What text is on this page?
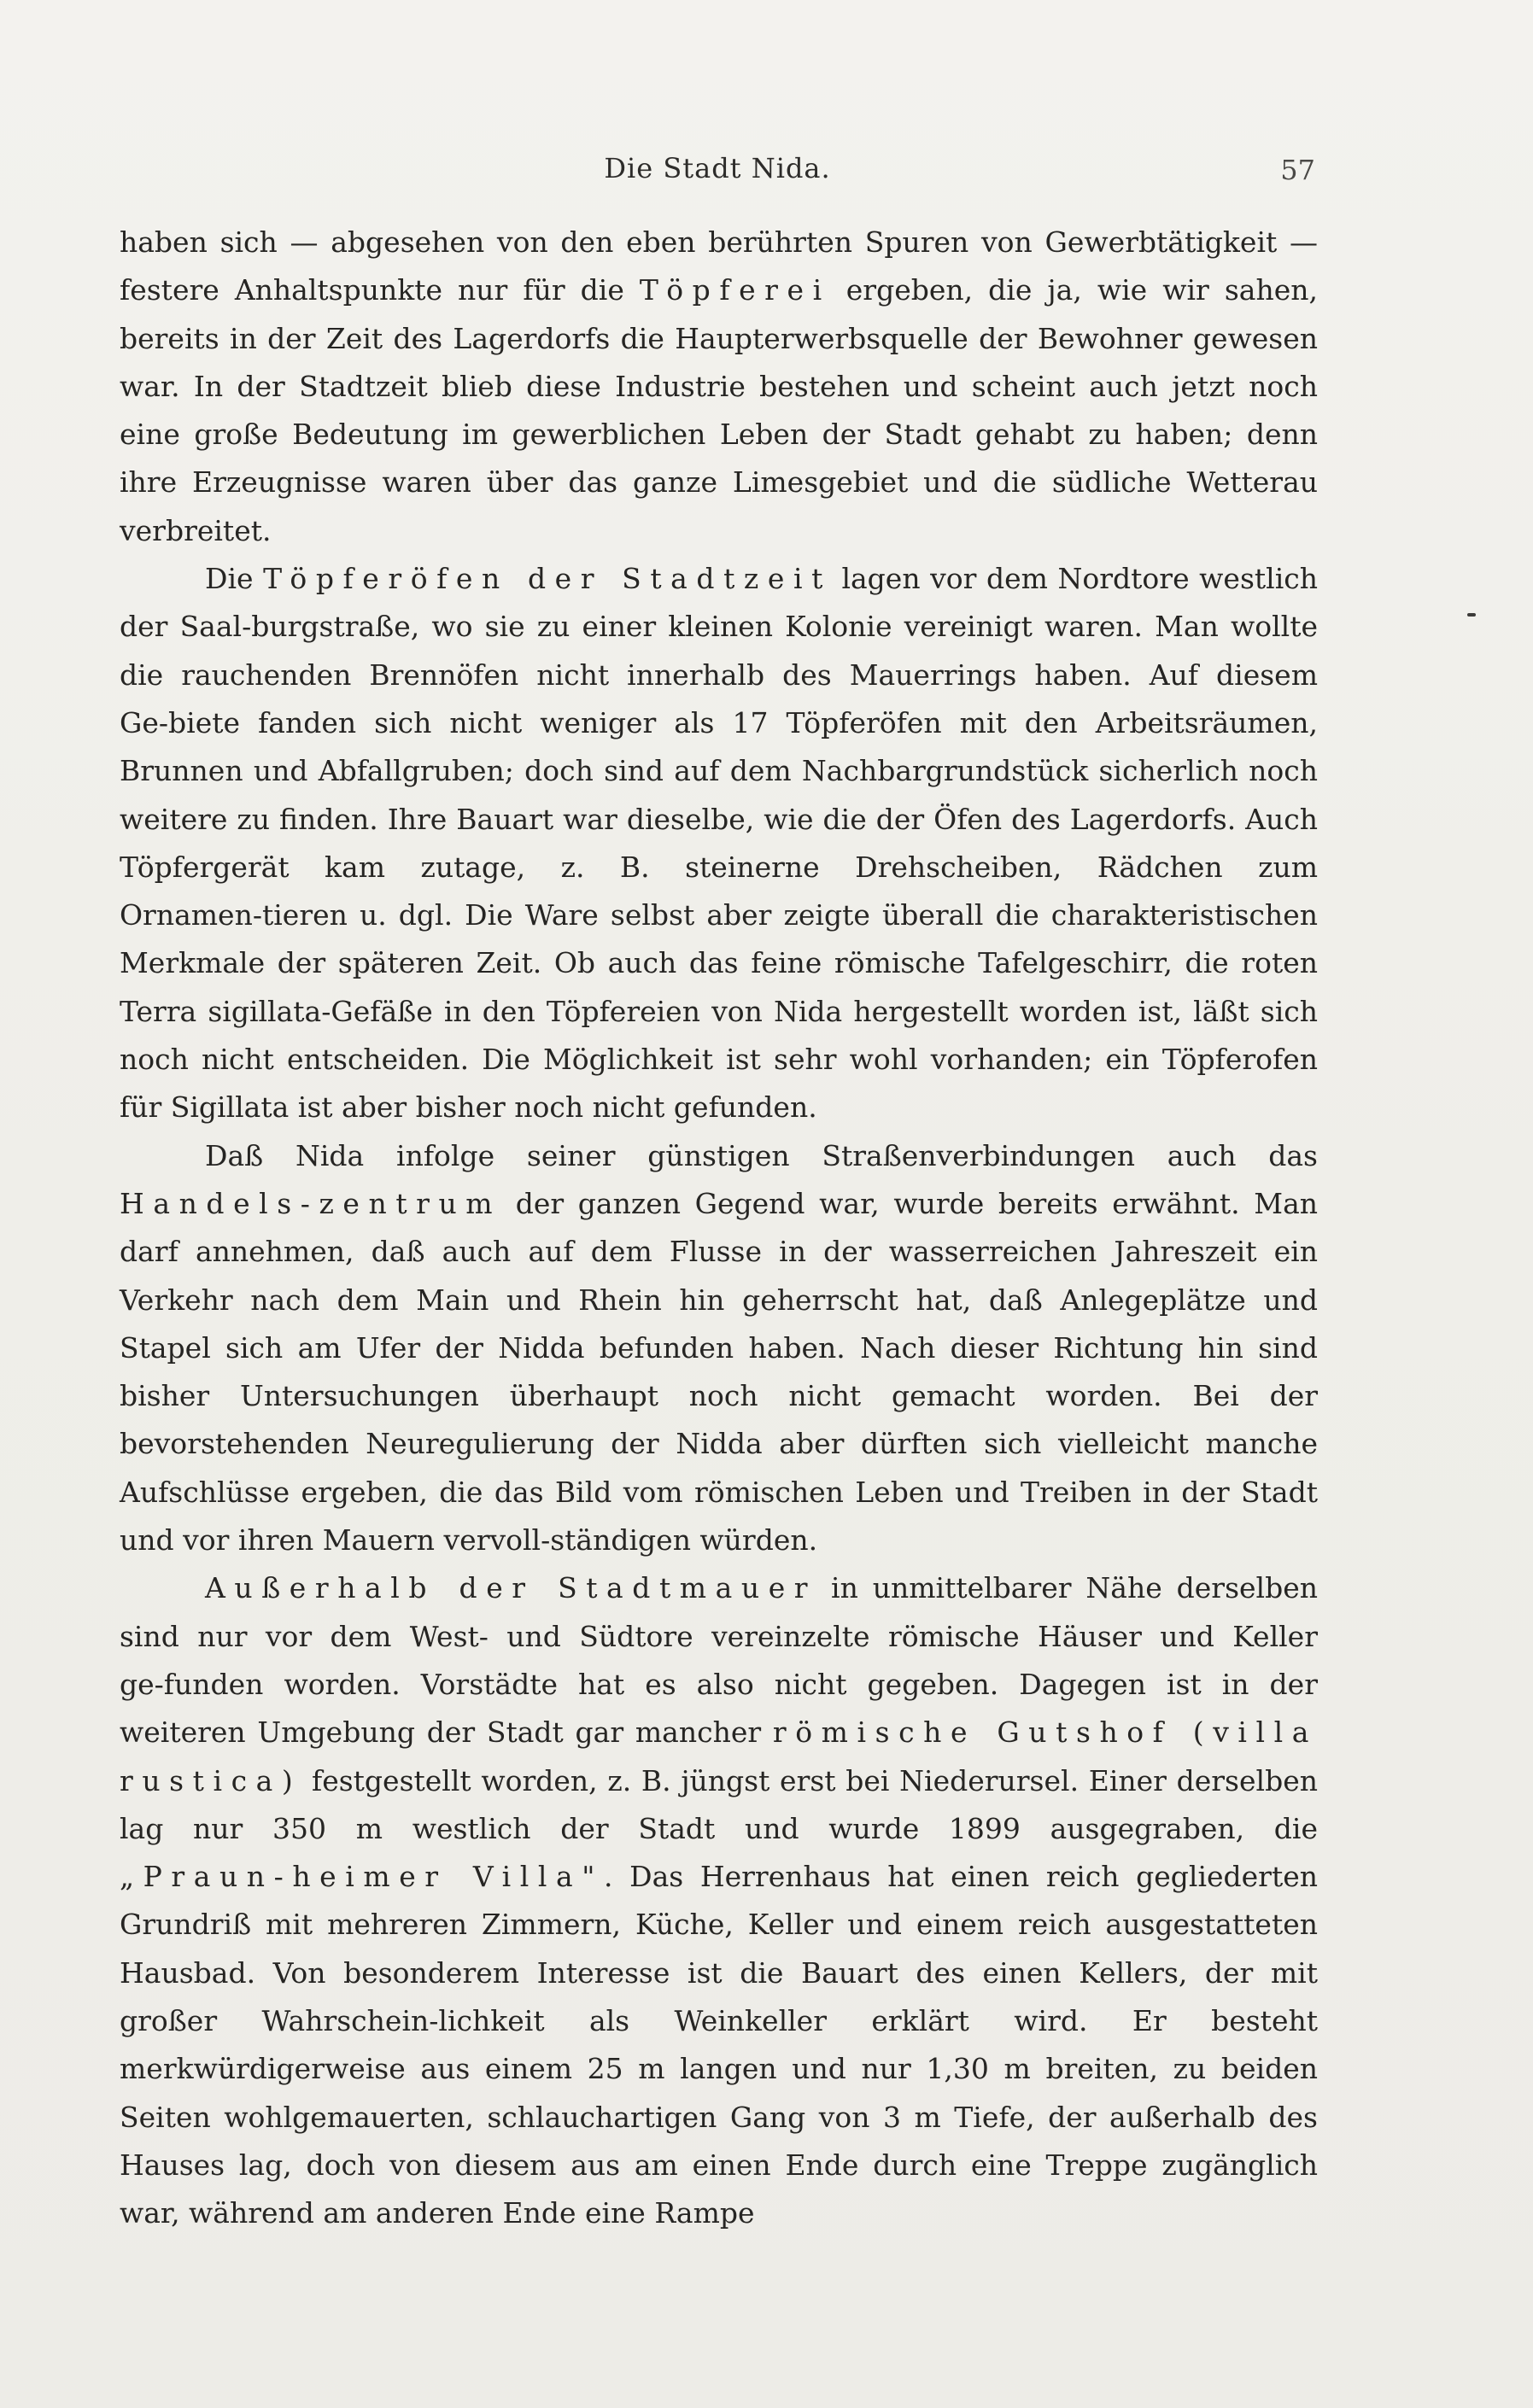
Die Stadt Nida.	57

haben sich — abgesehen von den eben berührten Spuren von Gewerbtätigkeit — festere Anhaltspunkte nur für die Töpferei ergeben, die ja, wie wir sahen, bereits in der Zeit des Lagerdorfs die Haupterwerbsquelle der Bewohner gewesen war. In der Stadtzeit blieb diese Industrie bestehen und scheint auch jetzt noch eine große Bedeutung im gewerblichen Leben der Stadt gehabt zu haben; denn ihre Erzeugnisse waren über das ganze Limesgebiet und die südliche Wetterau verbreitet.

Die Töpferöfen der Stadtzeit lagen vor dem Nordtore westlich der Saal‑burgstraße, wo sie zu einer kleinen Kolonie vereinigt waren. Man wollte die rauchenden Brennöfen nicht innerhalb des Mauerrings haben. Auf diesem Ge‑biete fanden sich nicht weniger als 17 Töpferöfen mit den Arbeitsräumen, Brunnen und Abfallgruben; doch sind auf dem Nachbargrundstück sicherlich noch weitere zu finden. Ihre Bauart war dieselbe, wie die der Öfen des Lagerdorfs. Auch Töpfergerät kam zutage, z. B. steinerne Drehscheiben, Rädchen zum Ornamen‑tieren u. dgl. Die Ware selbst aber zeigte überall die charakteristischen Merkmale der späteren Zeit. Ob auch das feine römische Tafelgeschirr, die roten Terra sigillata‑Gefäße in den Töpfereien von Nida hergestellt worden ist, läßt sich noch nicht entscheiden. Die Möglichkeit ist sehr wohl vorhanden; ein Töpferofen für Sigillata ist aber bisher noch nicht gefunden.

Daß Nida infolge seiner günstigen Straßenverbindungen auch das Handels‑zentrum der ganzen Gegend war, wurde bereits erwähnt. Man darf annehmen, daß auch auf dem Flusse in der wasserreichen Jahreszeit ein Verkehr nach dem Main und Rhein hin geherrscht hat, daß Anlegeplätze und Stapel sich am Ufer der Nidda befunden haben. Nach dieser Richtung hin sind bisher Untersuchungen überhaupt noch nicht gemacht worden. Bei der bevorstehenden Neuregulierung der Nidda aber dürften sich vielleicht manche Aufschlüsse ergeben, die das Bild vom römischen Leben und Treiben in der Stadt und vor ihren Mauern vervoll‑ständigen würden.

Außerhalb der Stadtmauer in unmittelbarer Nähe derselben sind nur vor dem West‑ und Südtore vereinzelte römische Häuser und Keller ge‑funden worden. Vorstädte hat es also nicht gegeben. Dagegen ist in der weiteren Umgebung der Stadt gar mancher römische Gutshof (villa rustica) festgestellt worden, z. B. jüngst erst bei Niederursel. Einer derselben lag nur 350 m westlich der Stadt und wurde 1899 ausgegraben, die „Praun‑heimer Villa". Das Herrenhaus hat einen reich gegliederten Grundriß mit mehreren Zimmern, Küche, Keller und einem reich ausgestatteten Hausbad. Von besonderem Interesse ist die Bauart des einen Kellers, der mit großer Wahrschein‑lichkeit als Weinkeller erklärt wird. Er besteht merkwürdigerweise aus einem 25 m langen und nur 1,30 m breiten, zu beiden Seiten wohlgemauerten, schlauchartigen Gang von 3 m Tiefe, der außerhalb des Hauses lag, doch von diesem aus am einen Ende durch eine Treppe zugänglich war, während am anderen Ende eine Rampe
